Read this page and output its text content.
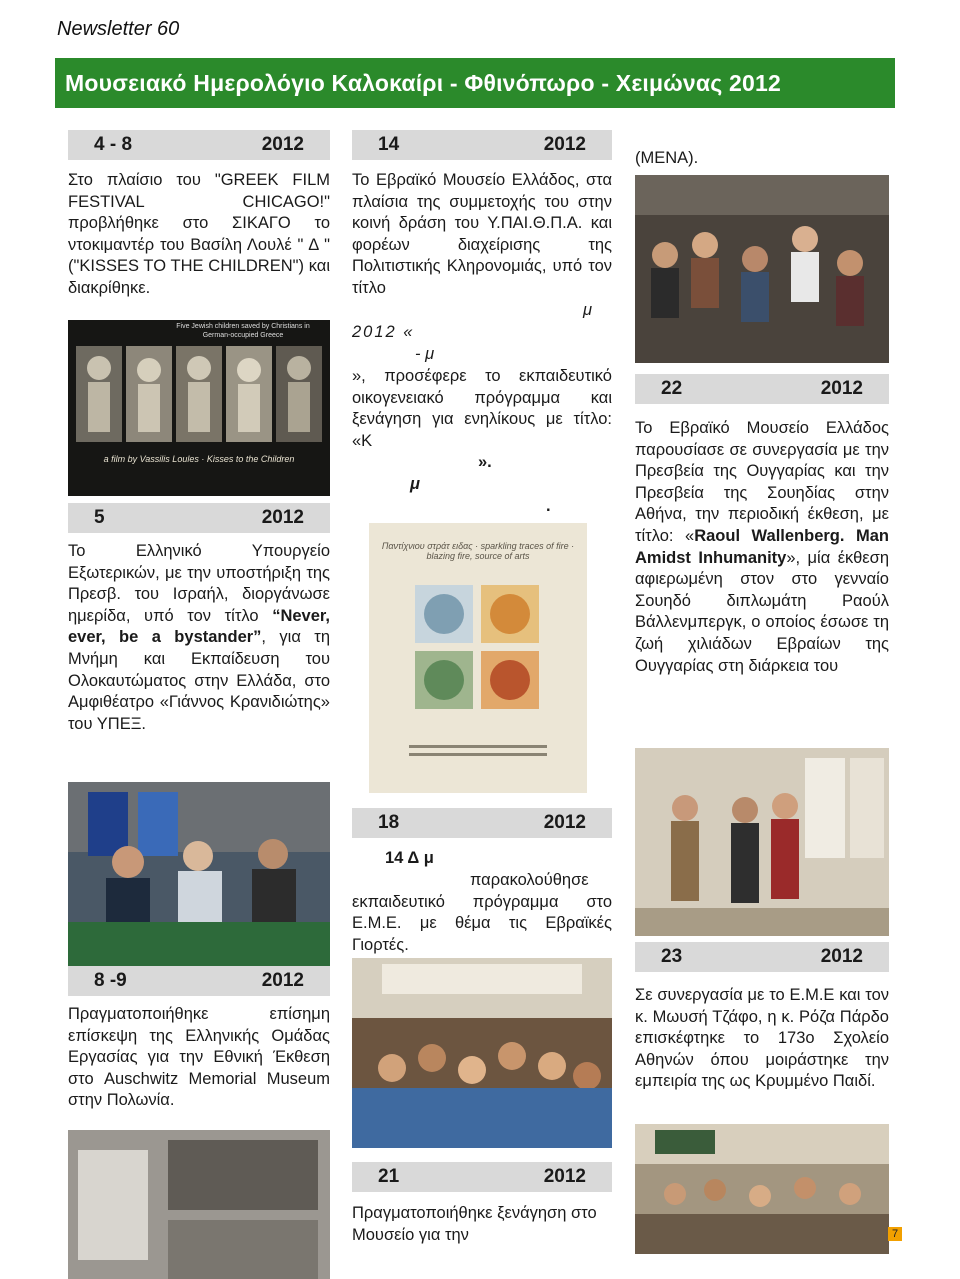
Newsletter 60
Μουσειακό Ημερολόγιο Καλοκαίρι - Φθινόπωρο - Χειμώνας 2012
4 - 8	2012
Στο πλαίσιο του "GREEK FILM FESTIVAL CHICAGO!" προβλήθηκε στο ΣΙΚΑΓΟ το ντοκιμαντέρ του Βασίλη Λουλέ " Δ " ("KISSES TO THE CHILDREN") και διακρίθηκε.
Five Jewish children saved by Christians in German-occupied Greece
a film by Vassilis Loules · Kisses to the Children
5	2012
Το Ελληνικό Υπουργείο Εξωτερικών, με την υποστήριξη της Πρεσβ. του Ισραήλ, διοργάνωσε ημερίδα, υπό τον τίτλο “Never, ever, be a bystander”, για τη Μνήμη και Εκπαίδευση του Ολοκαυτώματος στην Ελλάδα, στο Αμφιθέατρο «Γιάννος Κρανιδιώτης» του ΥΠΕΞ.
8 -9	2012
Πραγματοποιήθηκε επίσημη επίσκεψη της Ελληνικής Ομάδας Εργασίας για την Εθνική Έκθεση στο Auschwitz Memorial Museum στην Πολωνία.
14	2012
Το Εβραϊκό Μουσείο Ελλάδος, στα πλαίσια της συμμετοχής του στην κοινή δράση του Υ.ΠΑΙ.Θ.Π.Α. και φορέων διαχείρισης της Πολιτιστικής Κληρονομιάς, υπό τον τίτλο
μ
2012 «
- μ
», προσέφερε το εκπαιδευτικό οικογενειακό πρόγραμμα και ξενάγηση για ενηλίκους με τίτλο: «Κ
».
μ
.
Παντίχνιου στράτ ειδας · sparkling traces of fire · blazing fire, source of arts
18	2012
14 Δ μ
παρακολούθησε εκπαιδευτικό πρόγραμμα στο Ε.Μ.Ε. με θέμα τις Εβραϊκές Γιορτές.
21	2012
Πραγματοποιήθηκε ξενάγηση στο Μουσείο για την
(ΜΕΝΑ).
22	2012
Το Εβραϊκό Μουσείο Ελλάδος παρουσίασε σε συνεργασία με την Πρεσβεία της Ουγγαρίας και την Πρεσβεία της Σουηδίας στην Αθήνα, την περιοδική έκθεση, με τίτλο: «Raoul Wallenberg. Man Amidst Inhumanity», μία έκθεση αφιερωμένη στον στο γενναίο Σουηδό διπλωμάτη Ραούλ Βάλλενμπεργκ, ο οποίος έσωσε τη ζωή χιλιάδων Εβραίων της Ουγγαρίας στη διάρκεια του
23	2012
Σε συνεργασία με το Ε.Μ.Ε και τον κ. Μωυσή Τζάφο, η κ. Ρόζα Πάρδο επισκέφτηκε το 173ο Σχολείο Αθηνών όπου μοιράστηκε την εμπειρία της ως Κρυμμένο Παιδί.
7
